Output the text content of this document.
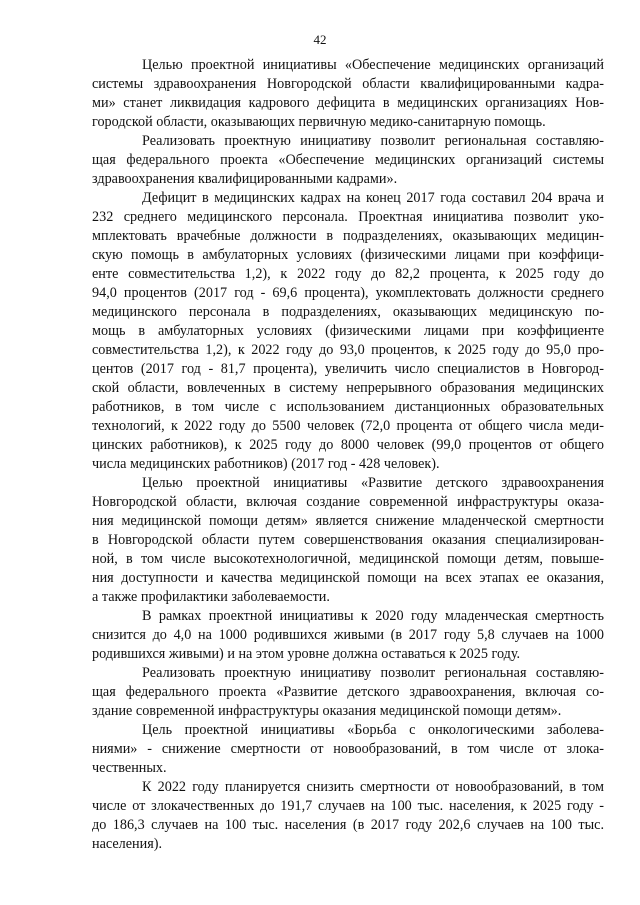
42
Целью проектной инициативы «Обеспечение медицинских организаций
системы здравоохранения Новгородской области квалифицированными кадра-
ми» станет ликвидация кадрового дефицита в медицинских организациях Нов-
городской области, оказывающих первичную медико-санитарную помощь.
Реализовать проектную инициативу позволит региональная составляю-
щая федерального проекта «Обеспечение медицинских организаций системы
здравоохранения квалифицированными кадрами».
Дефицит в медицинских кадрах на конец 2017 года составил 204 врача и
232 среднего медицинского персонала. Проектная инициатива позволит уко-
мплектовать врачебные должности в подразделениях, оказывающих медицин-
скую помощь в амбулаторных условиях (физическими лицами при коэффици-
енте совместительства 1,2), к 2022 году до 82,2 процента, к 2025 году до
94,0 процентов (2017 год - 69,6 процента), укомплектовать должности среднего
медицинского персонала в подразделениях, оказывающих медицинскую по-
мощь в амбулаторных условиях (физическими лицами при коэффициенте
совместительства 1,2), к 2022 году до 93,0 процентов, к 2025 году до 95,0 про-
центов (2017 год - 81,7 процента), увеличить число специалистов в Новгород-
ской области, вовлеченных в систему непрерывного образования медицинских
работников, в том числе с использованием дистанционных образовательных
технологий, к 2022 году до 5500 человек (72,0 процента от общего числа меди-
цинских работников), к 2025 году до 8000 человек (99,0 процентов от общего
числа медицинских работников) (2017 год - 428 человек).
Целью проектной инициативы «Развитие детского здравоохранения
Новгородской области, включая создание современной инфраструктуры оказа-
ния медицинской помощи детям» является снижение младенческой смертности
в Новгородской области путем совершенствования оказания специализирован-
ной, в том числе высокотехнологичной, медицинской помощи детям, повыше-
ния доступности и качества медицинской помощи на всех этапах ее оказания,
а также профилактики заболеваемости.
В рамках проектной инициативы к 2020 году младенческая смертность
снизится до 4,0 на 1000 родившихся живыми (в 2017 году 5,8 случаев на 1000
родившихся живыми) и на этом уровне должна оставаться к 2025 году.
Реализовать проектную инициативу позволит региональная составляю-
щая федерального проекта «Развитие детского здравоохранения, включая со-
здание современной инфраструктуры оказания медицинской помощи детям».
Цель проектной инициативы «Борьба с онкологическими заболева-
ниями» - снижение смертности от новообразований, в том числе от злока-
чественных.
К 2022 году планируется снизить смертности от новообразований, в том
числе от злокачественных до 191,7 случаев на 100 тыс. населения, к 2025 году -
до 186,3 случаев на 100 тыс. населения (в 2017 году 202,6 случаев на 100 тыс.
населения).
